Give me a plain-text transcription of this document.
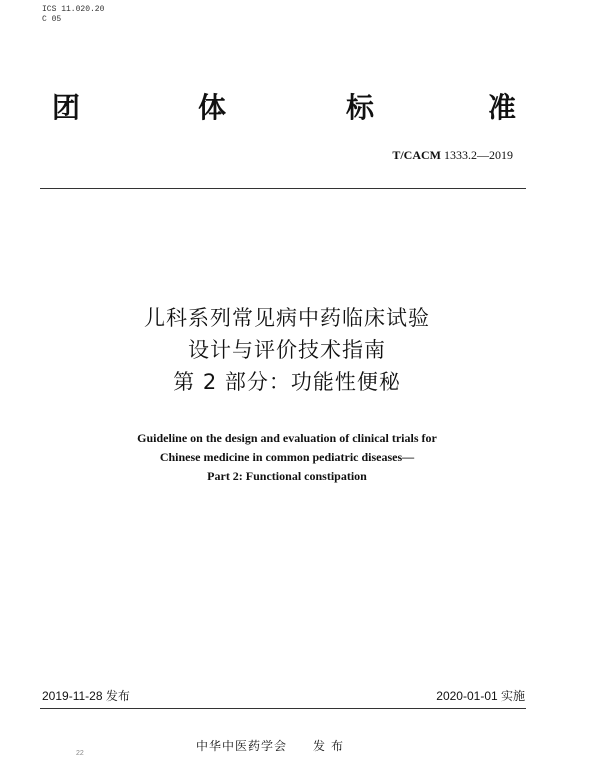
ICS 11.020.20
C 05
团	体	标	准
T/CACM 1333.2—2019
儿科系列常见病中药临床试验
设计与评价技术指南
第 2 部分：功能性便秘
Guideline on the design and evaluation of clinical trials for
Chinese medicine in common pediatric diseases—
Part 2: Functional constipation
2019-11-28 发布	2020-01-01 实施
中华中医药学会 发布
22
